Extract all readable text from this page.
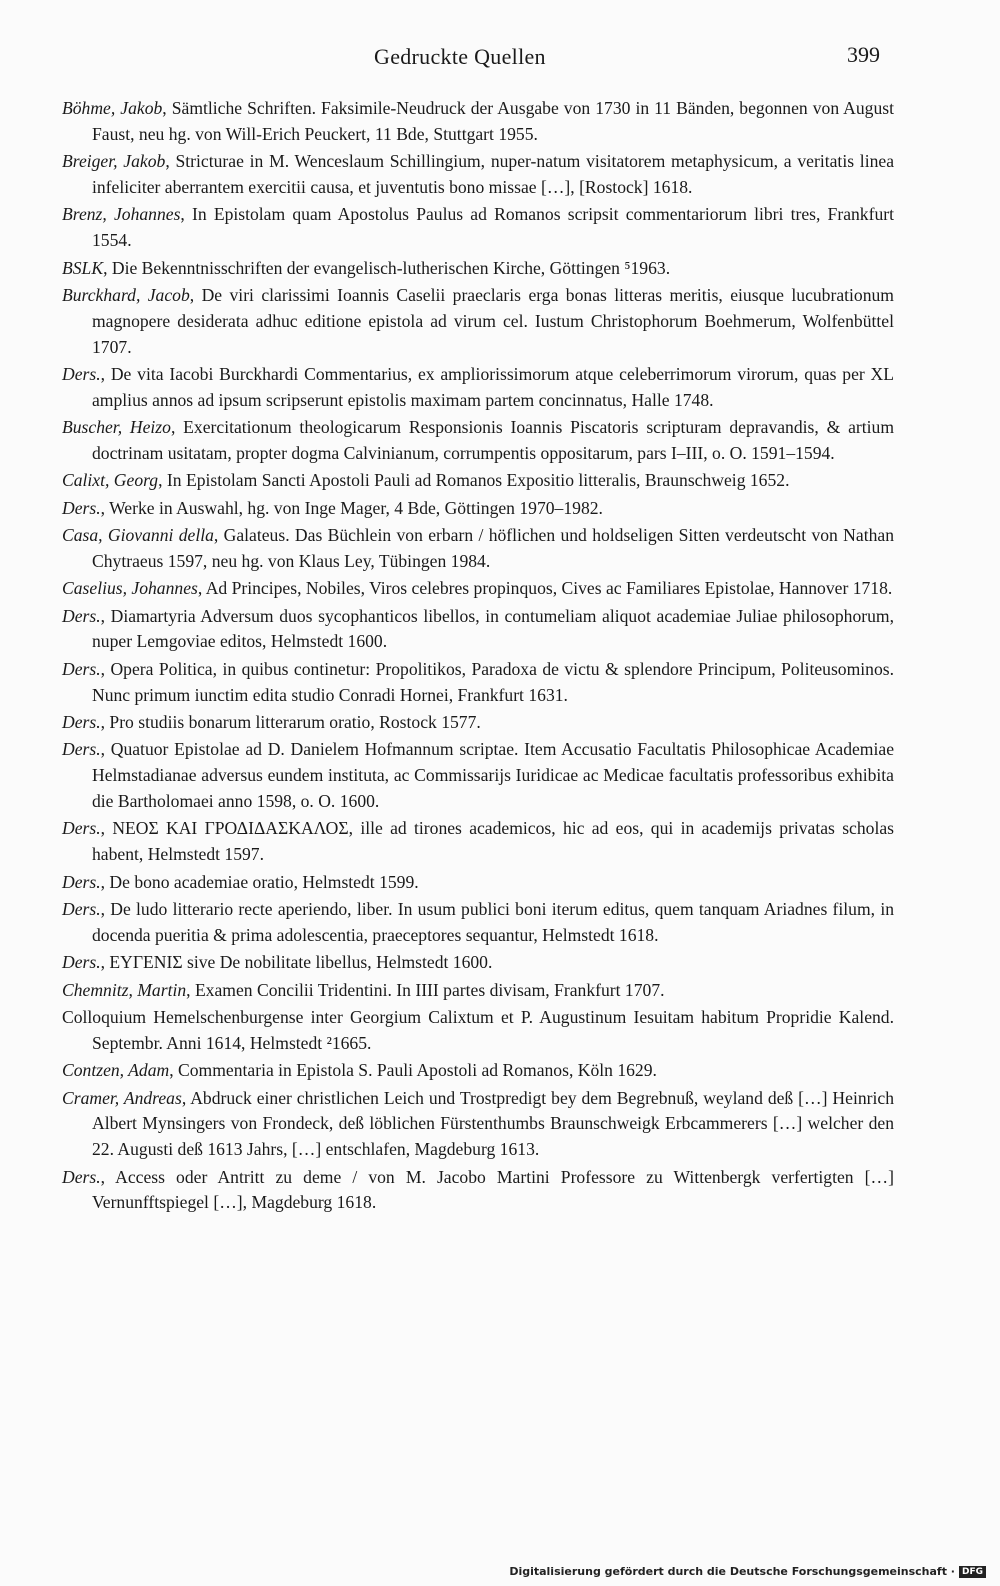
Gedruckte Quellen	399

Böhme, Jakob, Sämtliche Schriften. Faksimile-Neudruck der Ausgabe von 1730 in 11 Bänden, begonnen von August Faust, neu hg. von Will-Erich Peuckert, 11 Bde, Stuttgart 1955.

Breiger, Jakob, Stricturae in M. Wenceslaum Schillingium, nuper-natum visitatorem metaphysicum, a veritatis linea infeliciter aberrantem exercitii causa, et juventutis bono missae […], [Rostock] 1618.

Brenz, Johannes, In Epistolam quam Apostolus Paulus ad Romanos scripsit commentariorum libri tres, Frankfurt 1554.

BSLK, Die Bekenntnisschriften der evangelisch-lutherischen Kirche, Göttingen ⁵1963.

Burckhard, Jacob, De viri clarissimi Ioannis Caselii praeclaris erga bonas litteras meritis, eiusque lucubrationum magnopere desiderata adhuc editione epistola ad virum cel. Iustum Christophorum Boehmerum, Wolfenbüttel 1707.

Ders., De vita Iacobi Burckhardi Commentarius, ex ampliorissimorum atque celeberrimorum virorum, quas per XL amplius annos ad ipsum scripserunt epistolis maximam partem concinnatus, Halle 1748.

Buscher, Heizo, Exercitationum theologicarum Responsionis Ioannis Piscatoris scripturam depravandis, & artium doctrinam usitatam, propter dogma Calvinianum, corrumpentis oppositarum, pars I–III, o. O. 1591–1594.

Calixt, Georg, In Epistolam Sancti Apostoli Pauli ad Romanos Expositio litteralis, Braunschweig 1652.

Ders., Werke in Auswahl, hg. von Inge Mager, 4 Bde, Göttingen 1970–1982.

Casa, Giovanni della, Galateus. Das Büchlein von erbarn / höflichen und holdseligen Sitten verdeutscht von Nathan Chytraeus 1597, neu hg. von Klaus Ley, Tübingen 1984.

Caselius, Johannes, Ad Principes, Nobiles, Viros celebres propinquos, Cives ac Familiares Epistolae, Hannover 1718.

Ders., Diamartyria Adversum duos sycophanticos libellos, in contumeliam aliquot academiae Juliae philosophorum, nuper Lemgoviae editos, Helmstedt 1600.

Ders., Opera Politica, in quibus continetur: Propolitikos, Paradoxa de victu & splendore Principum, Politeusominos. Nunc primum iunctim edita studio Conradi Hornei, Frankfurt 1631.

Ders., Pro studiis bonarum litterarum oratio, Rostock 1577.

Ders., Quatuor Epistolae ad D. Danielem Hofmannum scriptae. Item Accusatio Facultatis Philosophicae Academiae Helmstadianae adversus eundem instituta, ac Commissarijs Iuridicae ac Medicae facultatis professoribus exhibita die Bartholomaei anno 1598, o. O. 1600.

Ders., ΝΕΟΣ ΚΑΙ ΓΡΟΔΙΔΑΣΚΑΛΟΣ, ille ad tirones academicos, hic ad eos, qui in academijs privatas scholas habent, Helmstedt 1597.

Ders., De bono academiae oratio, Helmstedt 1599.

Ders., De ludo litterario recte aperiendo, liber. In usum publici boni iterum editus, quem tanquam Ariadnes filum, in docenda pueritia & prima adolescentia, praeceptores sequantur, Helmstedt 1618.

Ders., ΕΥΓΕΝΙΣ sive De nobilitate libellus, Helmstedt 1600.

Chemnitz, Martin, Examen Concilii Tridentini. In IIII partes divisam, Frankfurt 1707.

Colloquium Hemelschenburgense inter Georgium Calixtum et P. Augustinum Iesuitam habitum Propridie Kalend. Septembr. Anni 1614, Helmstedt ²1665.

Contzen, Adam, Commentaria in Epistola S. Pauli Apostoli ad Romanos, Köln 1629.

Cramer, Andreas, Abdruck einer christlichen Leich und Trostpredigt bey dem Begrebnuß, weyland deß […] Heinrich Albert Mynsingers von Frondeck, deß löblichen Fürstenthumbs Braunschweigk Erbcammerers […] welcher den 22. Augusti deß 1613 Jahrs, […] entschlafen, Magdeburg 1613.

Ders., Access oder Antritt zu deme / von M. Jacobo Martini Professore zu Wittenbergk verfertigten […] Vernunfftspiegel […], Magdeburg 1618.

Digitalisierung gefördert durch die Deutsche Forschungsgemeinschaft · DFG
